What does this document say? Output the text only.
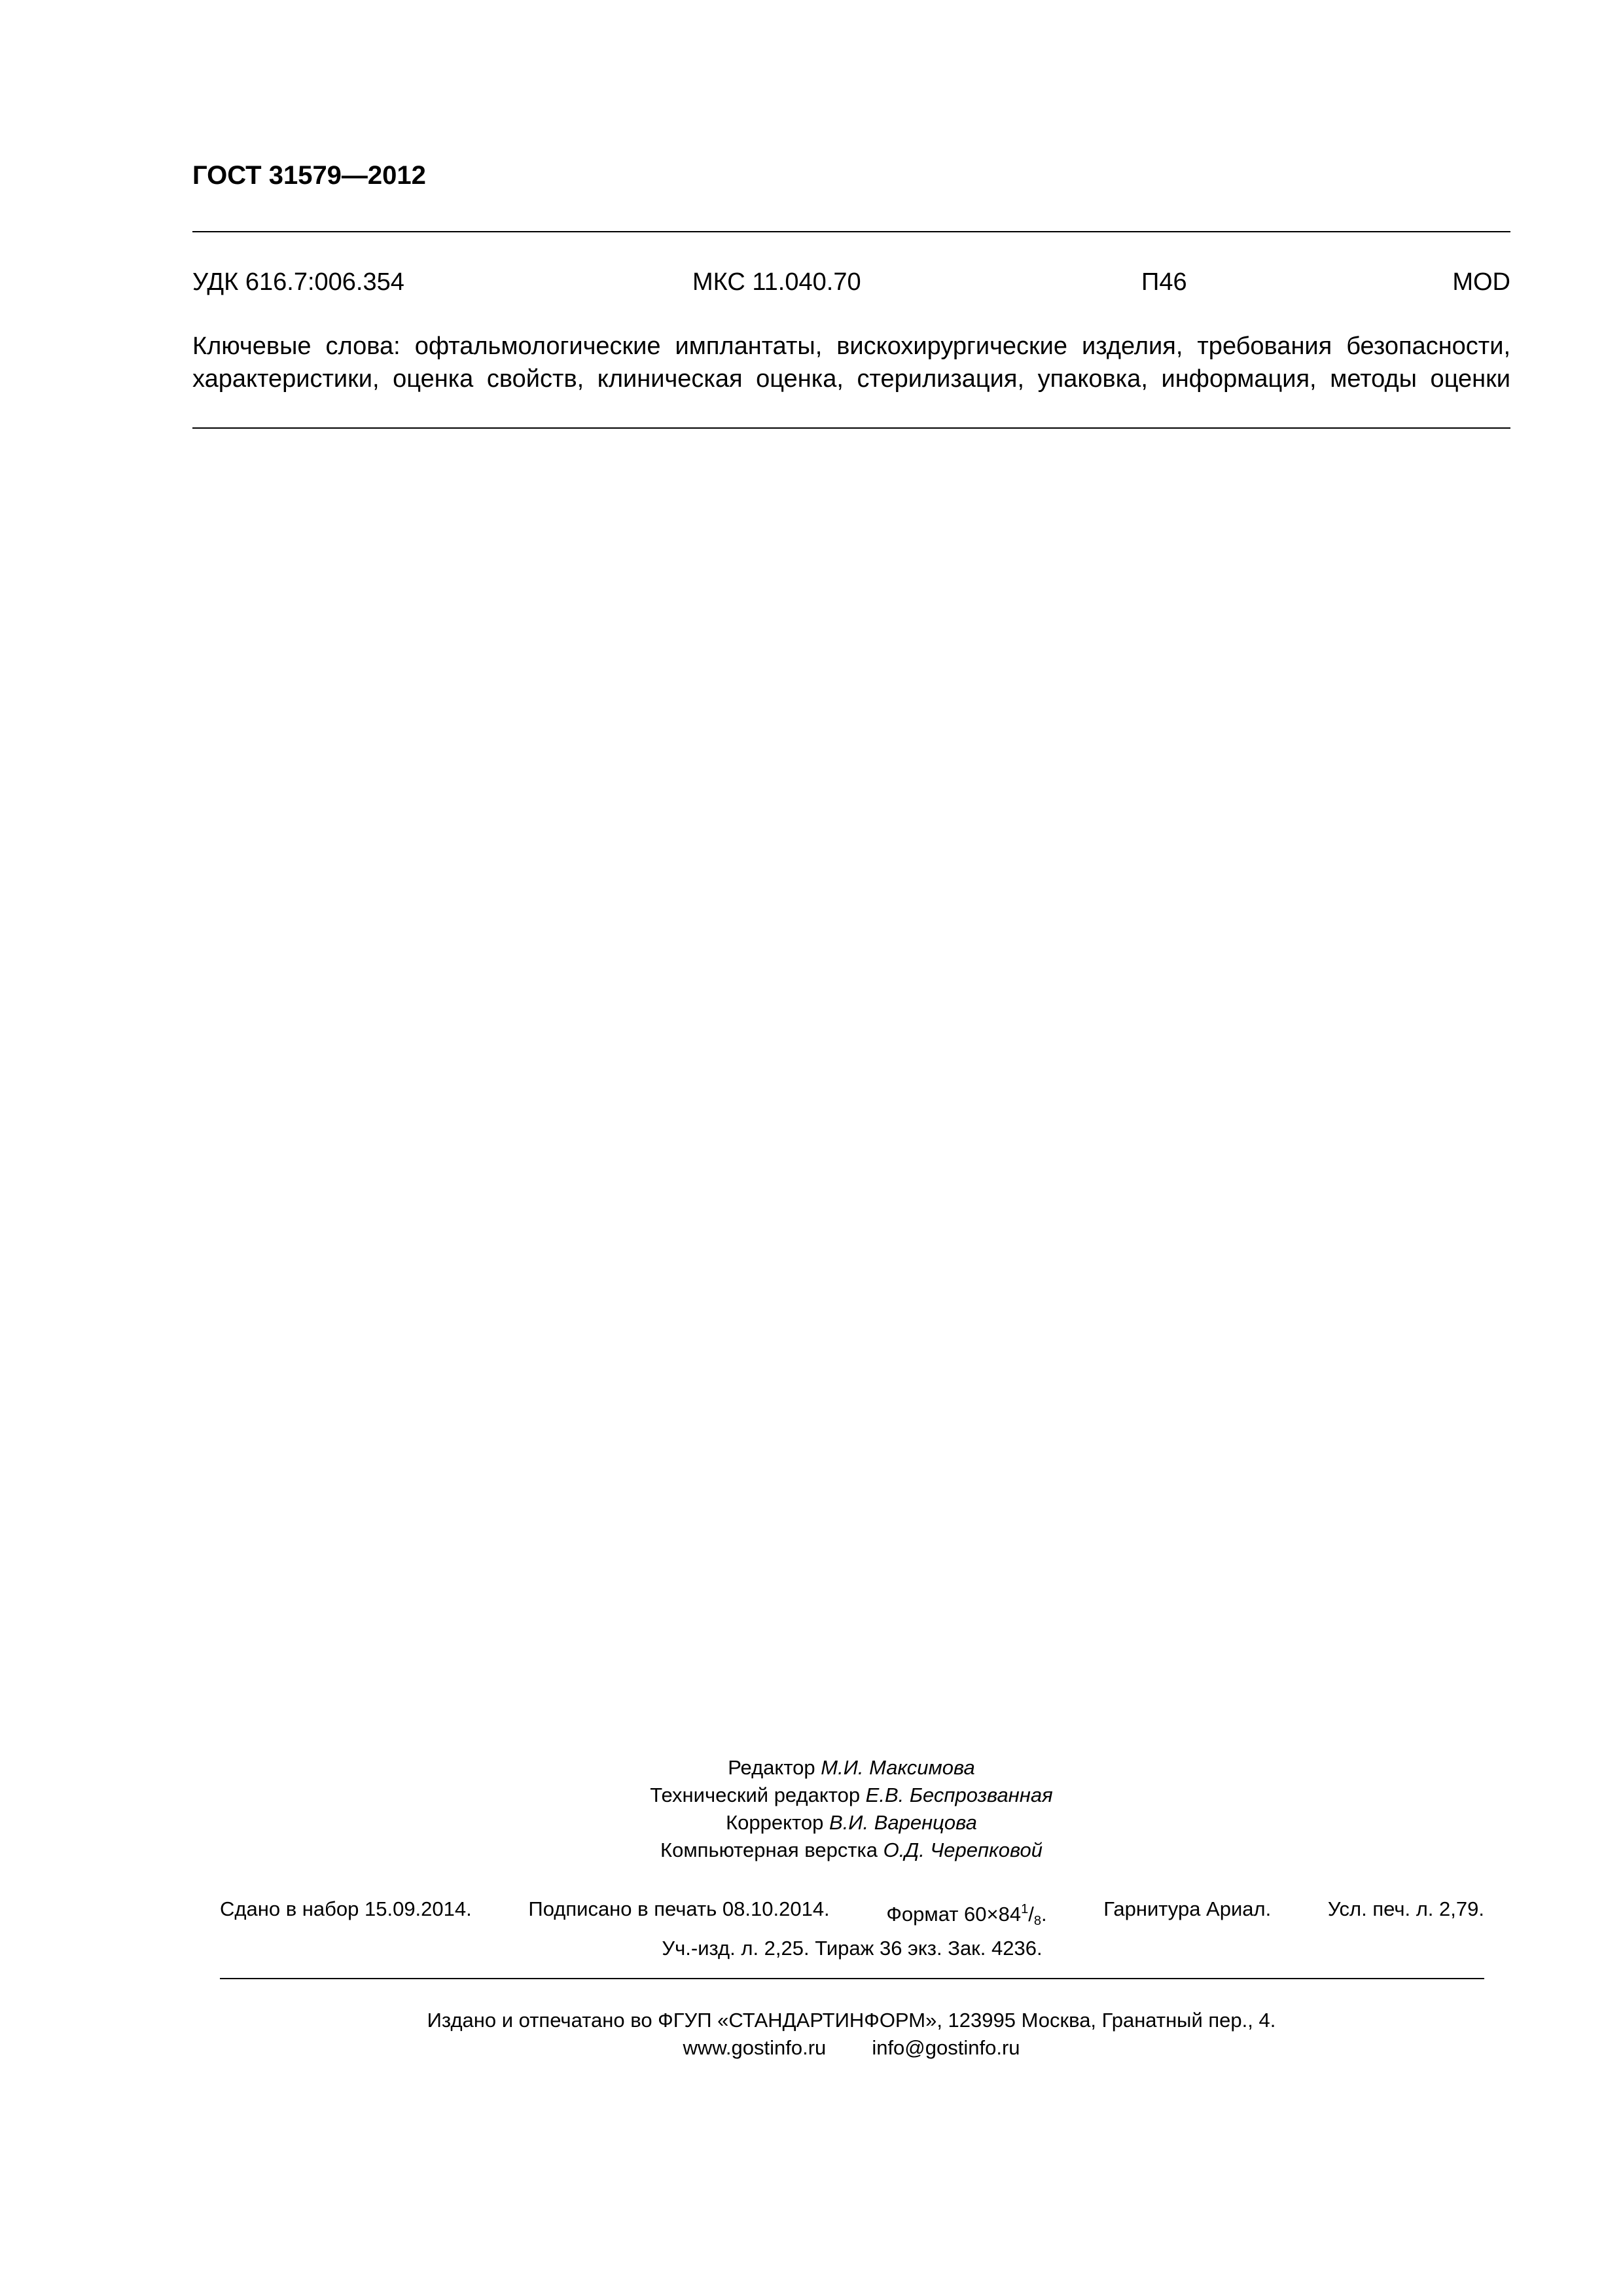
ГОСТ 31579—2012
УДК 616.7:006.354	МКС 11.040.70	П46	MOD
Ключевые слова: офтальмологические имплантаты, вискохирургические изделия, требования безопасности,
характеристики, оценка свойств, клиническая оценка, стерилизация, упаковка, информация, методы оценки
Редактор М.И. Максимова
Технический редактор Е.В. Беспрозванная
Корректор В.И. Варенцова
Компьютерная верстка О.Д. Черепковой
Сдано в набор 15.09.2014.	Подписано в печать 08.10.2014.	Формат $60\times 84^1/_8$.	Гарнитура Ариал.	Усл. печ. л. 2,79.
Уч.-изд. л. 2,25. Тираж 36 экз. Зак. 4236.
Издано и отпечатано во ФГУП «СТАНДАРТИНФОРМ», 123995 Москва, Гранатный пер., 4.
www.gostinfo.ru info@gostinfo.ru
